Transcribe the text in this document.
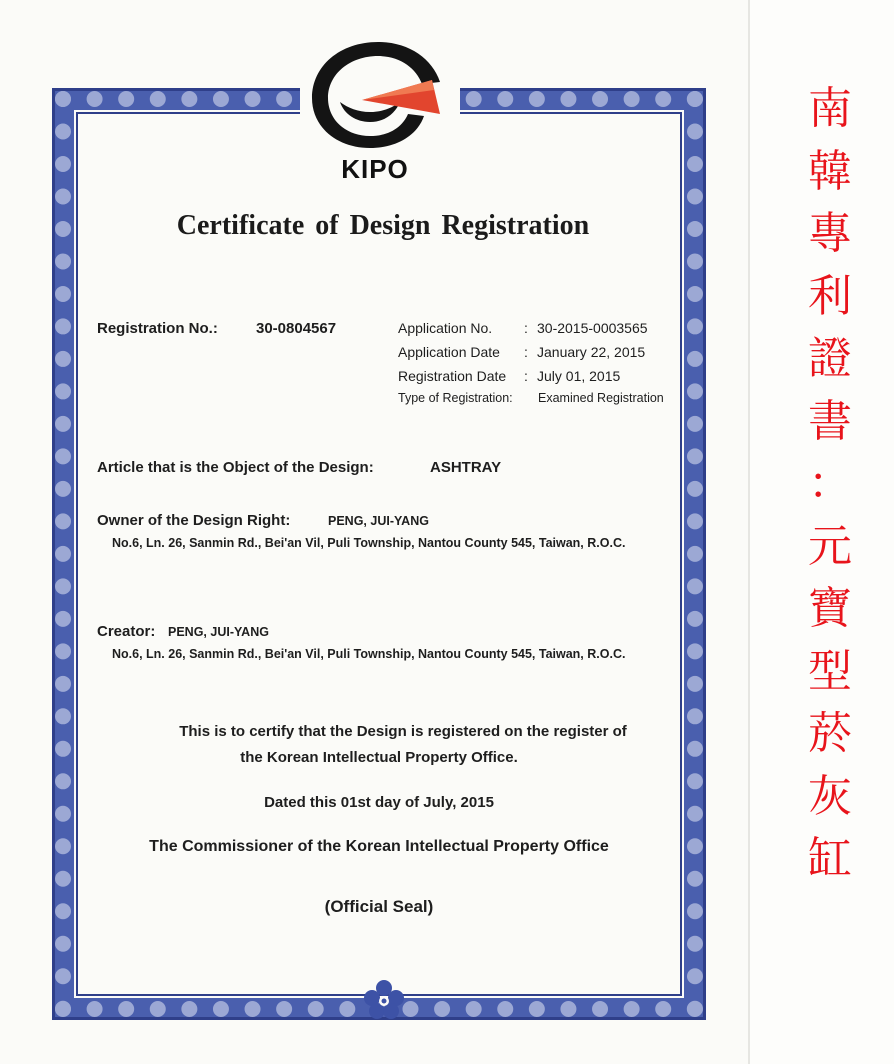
KIPO
Certificate of Design Registration
Registration No.:	30-0804567	Application No. : 30-2015-0003565
Application Date : January 22, 2015
Registration Date : July 01, 2015
Type of Registration: Examined Registration
Article that is the Object of the Design:	ASHTRAY
Owner of the Design Right:	PENG, JUI-YANG
No.6, Ln. 26, Sanmin Rd., Bei'an Vil, Puli Township, Nantou County 545, Taiwan, R.O.C.
Creator: PENG, JUI-YANG
No.6, Ln. 26, Sanmin Rd., Bei'an Vil, Puli Township, Nantou County 545, Taiwan, R.O.C.
This is to certify that the Design is registered on the register of
the Korean Intellectual Property Office.
Dated this 01st day of July, 2015
The Commissioner of the Korean Intellectual Property Office
(Official Seal)
南
韓
專
利
證
書
：
元
寶
型
菸
灰
缸
